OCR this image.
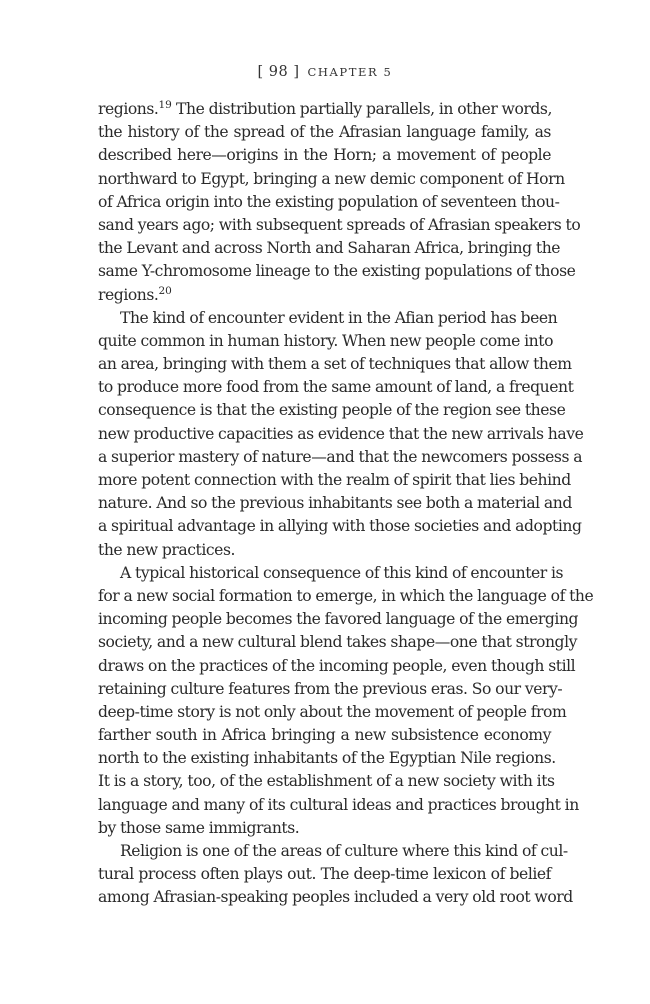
[ 98 ] CHAPTER 5
regions.$^{19}$ The distribution partially parallels, in other words,
the history of the spread of the Afrasian language family, as
described here—origins in the Horn; a movement of people
northward to Egypt, bringing a new demic component of Horn
of Africa origin into the existing population of seventeen thou-
sand years ago; with subsequent spreads of Afrasian speakers to
the Levant and across North and Saharan Africa, bringing the
same Y-chromosome lineage to the existing populations of those
regions.$^{20}$
The kind of encounter evident in the Afian period has been
quite common in human history. When new people come into
an area, bringing with them a set of techniques that allow them
to produce more food from the same amount of land, a frequent
consequence is that the existing people of the region see these
new productive capacities as evidence that the new arrivals have
a superior mastery of nature—and that the newcomers possess a
more potent connection with the realm of spirit that lies behind
nature. And so the previous inhabitants see both a material and
a spiritual advantage in allying with those societies and adopting
the new practices.
A typical historical consequence of this kind of encounter is
for a new social formation to emerge, in which the language of the
incoming people becomes the favored language of the emerging
society, and a new cultural blend takes shape—one that strongly
draws on the practices of the incoming people, even though still
retaining culture features from the previous eras. So our very-
deep-time story is not only about the movement of people from
farther south in Africa bringing a new subsistence economy
north to the existing inhabitants of the Egyptian Nile regions.
It is a story, too, of the establishment of a new society with its
language and many of its cultural ideas and practices brought in
by those same immigrants.
Religion is one of the areas of culture where this kind of cul-
tural process often plays out. The deep-time lexicon of belief
among Afrasian-speaking peoples included a very old root word
